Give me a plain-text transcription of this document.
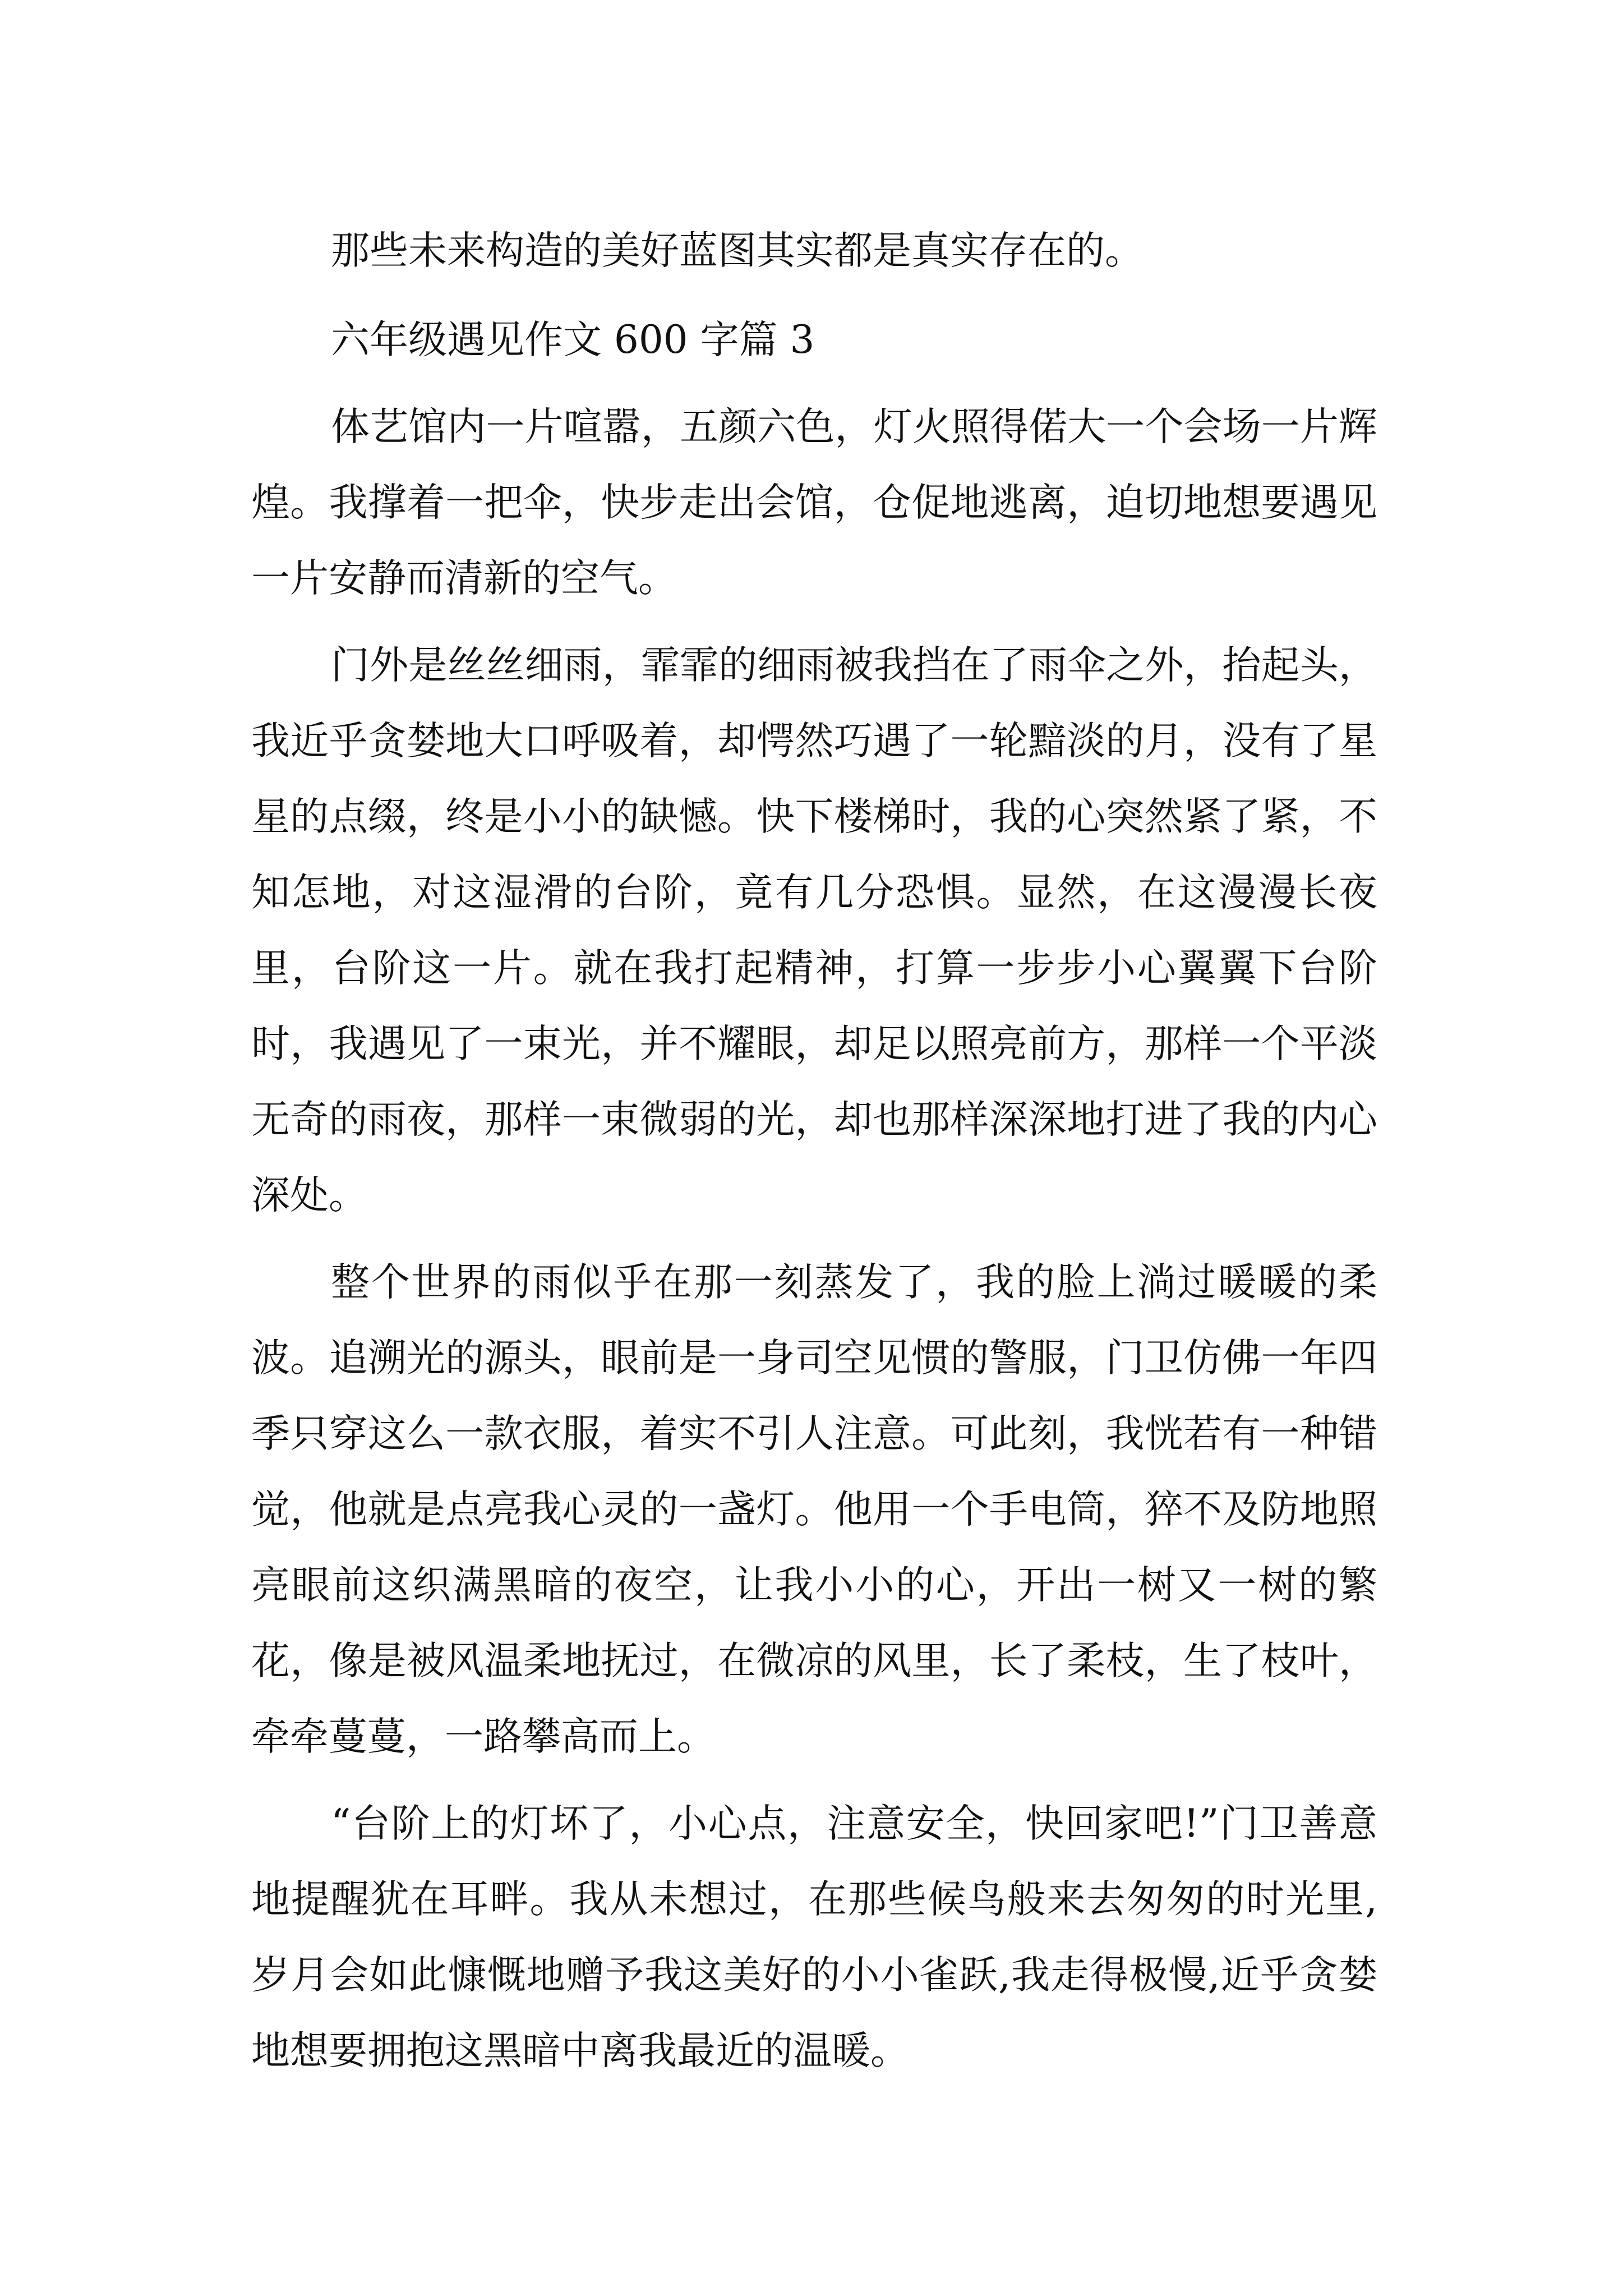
那些未来构造的美好蓝图其实都是真实存在的。

六年级遇见作文 600 字篇 3

体艺馆内一片喧嚣，五颜六色，灯火照得偌大一个会场一片辉煌。我撑着一把伞，快步走出会馆，仓促地逃离，迫切地想要遇见一片安静而清新的空气。

门外是丝丝细雨，霏霏的细雨被我挡在了雨伞之外，抬起头，我近乎贪婪地大口呼吸着，却愕然巧遇了一轮黯淡的月，没有了星星的点缀，终是小小的缺憾。快下楼梯时，我的心突然紧了紧，不知怎地，对这湿滑的台阶，竟有几分恐惧。显然，在这漫漫长夜里，台阶这一片。就在我打起精神，打算一步步小心翼翼下台阶时，我遇见了一束光，并不耀眼，却足以照亮前方，那样一个平淡无奇的雨夜，那样一束微弱的光，却也那样深深地打进了我的内心深处。

整个世界的雨似乎在那一刻蒸发了，我的脸上淌过暖暖的柔波。追溯光的源头，眼前是一身司空见惯的警服，门卫仿佛一年四季只穿这么一款衣服，着实不引人注意。可此刻，我恍若有一种错觉，他就是点亮我心灵的一盏灯。他用一个手电筒，猝不及防地照亮眼前这织满黑暗的夜空，让我小小的心，开出一树又一树的繁花，像是被风温柔地抚过，在微凉的风里，长了柔枝，生了枝叶，牵牵蔓蔓，一路攀高而上。

“台阶上的灯坏了，小心点，注意安全，快回家吧!”门卫善意地提醒犹在耳畔。我从未想过，在那些候鸟般来去匆匆的时光里,岁月会如此慷慨地赠予我这美好的小小雀跃,我走得极慢,近乎贪婪地想要拥抱这黑暗中离我最近的温暖。
